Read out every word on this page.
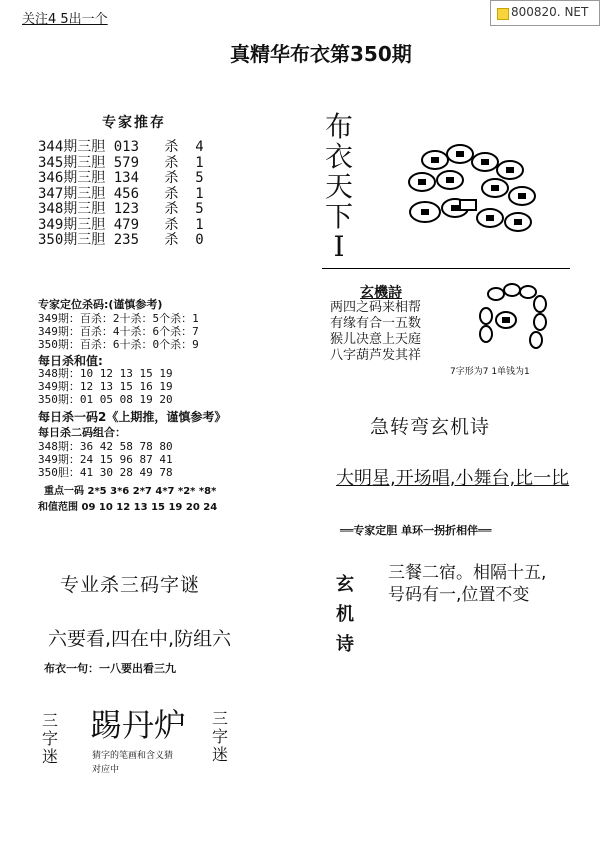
800820. NET
关注4 5出一个
真精华布衣第350期
专家推存
344期三胆 013 杀 4
345期三胆 579 杀 1
346期三胆 134 杀 5
347期三胆 456 杀 1
348期三胆 123 杀 5
349期三胆 479 杀 1
350期三胆 235 杀 0
布
衣
天
下
I
玄機詩
两四之码来相帮
有缘有合一五数
猴儿决意上天庭
八字葫芦发其祥
7字形为7 1单钱为1
专家定位杀码:(谨慎参考)
349期：百杀：2十杀：5个杀：1
349期：百杀：4十杀：6个杀：7
350期：百杀：6十杀：0个杀：9
每日杀和值:
348期：10 12 13 15 19
349期：12 13 15 16 19
350期：01 05 08 19 20
每日杀一码2《上期推，谨慎参考》
每日杀二码组合：
348期：36 42 58 78 80
349期：24 15 96 87 41
350胆：41 30 28 49 78
重点一码 2*5 3*6 2*7 4*7 *2* *8*
和值范围 09 10 12 13 15 19 20 24
急转弯玄机诗
大明星,开场唱,小舞台,比一比
══专家定胆 单环一拐折相伴══
玄
机
诗
三餐二宿。相隔十五,
号码有一,位置不变
专业杀三码字谜
六要看,四在中,防组六
布衣一句：一八要出看三九
三
字
迷
踢丹炉
猜字的笔画和含义猜
对应中
三
字
迷
